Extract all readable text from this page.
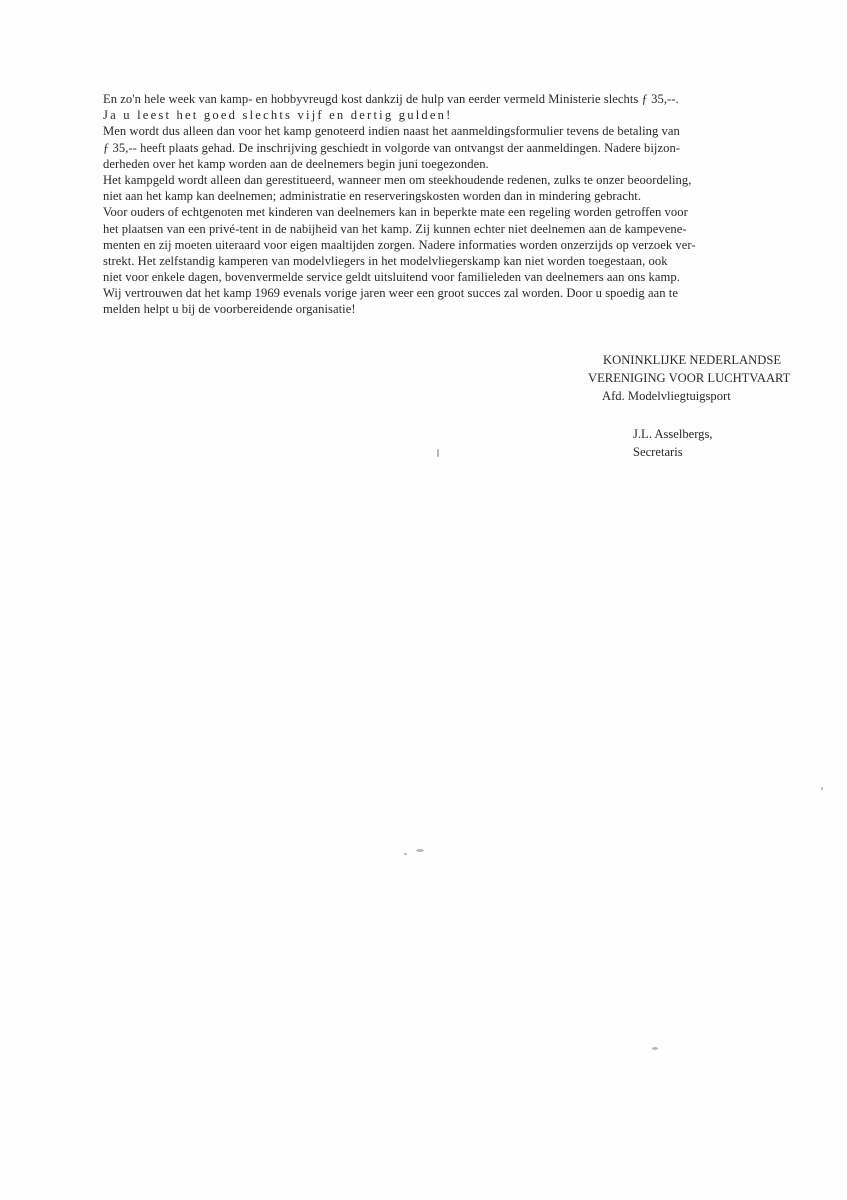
En zo'n hele week van kamp- en hobbyvreugd kost dankzij de hulp van eerder vermeld Ministerie slechts ƒ 35,--.
Ja u leest het goed slechts vijf en dertig gulden!
Men wordt dus alleen dan voor het kamp genoteerd indien naast het aanmeldingsformulier tevens de betaling van
ƒ 35,-- heeft plaats gehad. De inschrijving geschiedt in volgorde van ontvangst der aanmeldingen. Nadere bijzon-
derheden over het kamp worden aan de deelnemers begin juni toegezonden.
Het kampgeld wordt alleen dan gerestitueerd, wanneer men om steekhoudende redenen, zulks te onzer beoordeling,
niet aan het kamp kan deelnemen; administratie en reserveringskosten worden dan in mindering gebracht.
Voor ouders of echtgenoten met kinderen van deelnemers kan in beperkte mate een regeling worden getroffen voor
het plaatsen van een privé-tent in de nabijheid van het kamp. Zij kunnen echter niet deelnemen aan de kampevene-
menten en zij moeten uiteraard voor eigen maaltijden zorgen. Nadere informaties worden onzerzijds op verzoek ver-
strekt. Het zelfstandig kamperen van modelvliegers in het modelvliegerskamp kan niet worden toegestaan, ook
niet voor enkele dagen, bovenvermelde service geldt uitsluitend voor familieleden van deelnemers aan ons kamp.
Wij vertrouwen dat het kamp 1969 evenals vorige jaren weer een groot succes zal worden. Door u spoedig aan te
melden helpt u bij de voorbereidende organisatie!
KONINKLIJKE NEDERLANDSE
VERENIGING VOOR LUCHTVAART
Afd. Modelvliegtuigsport
J.L. Asselbergs,
Secretaris
